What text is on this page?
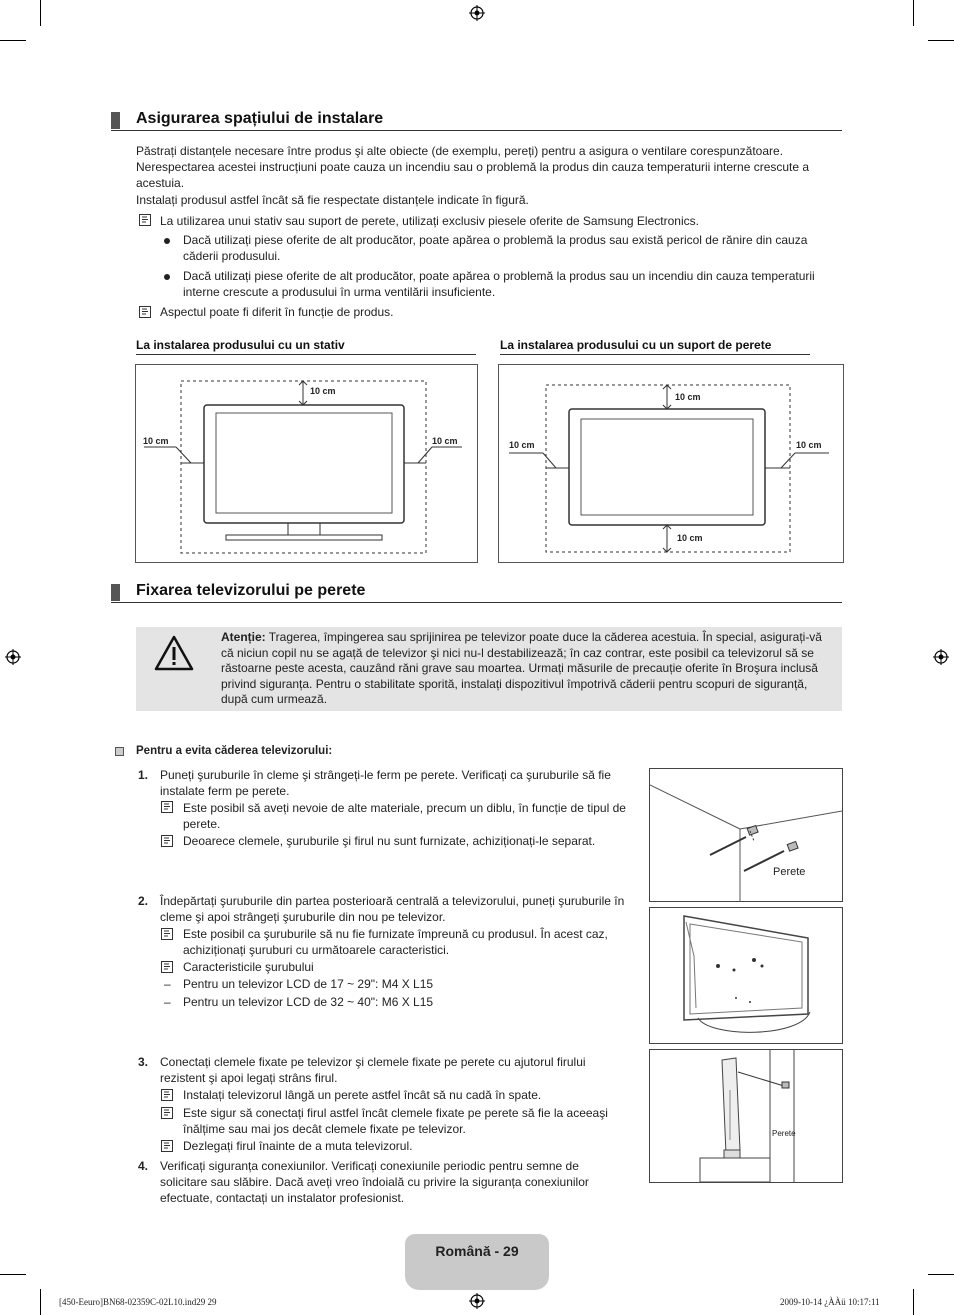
Asigurarea spațiului de instalare
Păstrați distanțele necesare între produs şi alte obiecte (de exemplu, pereți) pentru a asigura o ventilare corespunzătoare. Nerespectarea acestei instrucțiuni poate cauza un incendiu sau o problemă la produs din cauza temperaturii interne crescute a acestuia.
Instalați produsul astfel încât să fie respectate distanțele indicate în figură.
La utilizarea unui stativ sau suport de perete, utilizați exclusiv piesele oferite de Samsung Electronics.
Dacă utilizați piese oferite de alt producător, poate apărea o problemă la produs sau există pericol de rănire din cauza căderii produsului.
Dacă utilizați piese oferite de alt producător, poate apărea o problemă la produs sau un incendiu din cauza temperaturii interne crescute a produsului în urma ventilării insuficiente.
Aspectul poate fi diferit în funcție de produs.
La instalarea produsului cu un stativ	La instalarea produsului cu un suport de perete
10 cm
10 cm	10 cm
10 cm
10 cm	10 cm
10 cm
Fixarea televizorului pe perete
Atenție: Tragerea, împingerea sau sprijinirea pe televizor poate duce la căderea acestuia. În special, asigurați-vă că niciun copil nu se agață de televizor şi nici nu-l destabilizează; în caz contrar, este posibil ca televizorul să se răstoarne peste acesta, cauzând răni grave sau moartea. Urmați măsurile de precauție oferite în Broşura inclusă privind siguranța. Pentru o stabilitate sporită, instalați dispozitivul împotrivă căderii pentru scopuri de siguranță, după cum urmează.
Pentru a evita căderea televizorului:
1. Puneți şuruburile în cleme şi strângeți-le ferm pe perete. Verificați ca şuruburile să fie instalate ferm pe perete.
Este posibil să aveți nevoie de alte materiale, precum un diblu, în funcție de tipul de perete.
Deoarece clemele, şuruburile şi firul nu sunt furnizate, achiziționați-le separat.
Perete
2. Îndepărtați şuruburile din partea posterioară centrală a televizorului, puneți şuruburile în cleme şi apoi strângeți şuruburile din nou pe televizor.
Este posibil ca şuruburile să nu fie furnizate împreună cu produsul. În acest caz, achiziționați şuruburi cu următoarele caracteristici.
Caracteristicile şurubului
– Pentru un televizor LCD de 17 ~ 29": M4 X L15
– Pentru un televizor LCD de 32 ~ 40": M6 X L15
3. Conectați clemele fixate pe televizor şi clemele fixate pe perete cu ajutorul firului rezistent şi apoi legați strâns firul.
Instalați televizorul lângă un perete astfel încât să nu cadă în spate.
Este sigur să conectați firul astfel încât clemele fixate pe perete să fie la aceeaşi înălțime sau mai jos decât clemele fixate pe televizor.
Dezlegați firul înainte de a muta televizorul.
4. Verificați siguranța conexiunilor. Verificați conexiunile periodic pentru semne de solicitare sau slăbire. Dacă aveți vreo îndoială cu privire la siguranța conexiunilor efectuate, contactați un instalator profesionist.
Perete
Română - 29
[450-Eeuro]BN68-02359C-02L10.ind29 29	2009-10-14 ¿ÀÀü 10:17:11
